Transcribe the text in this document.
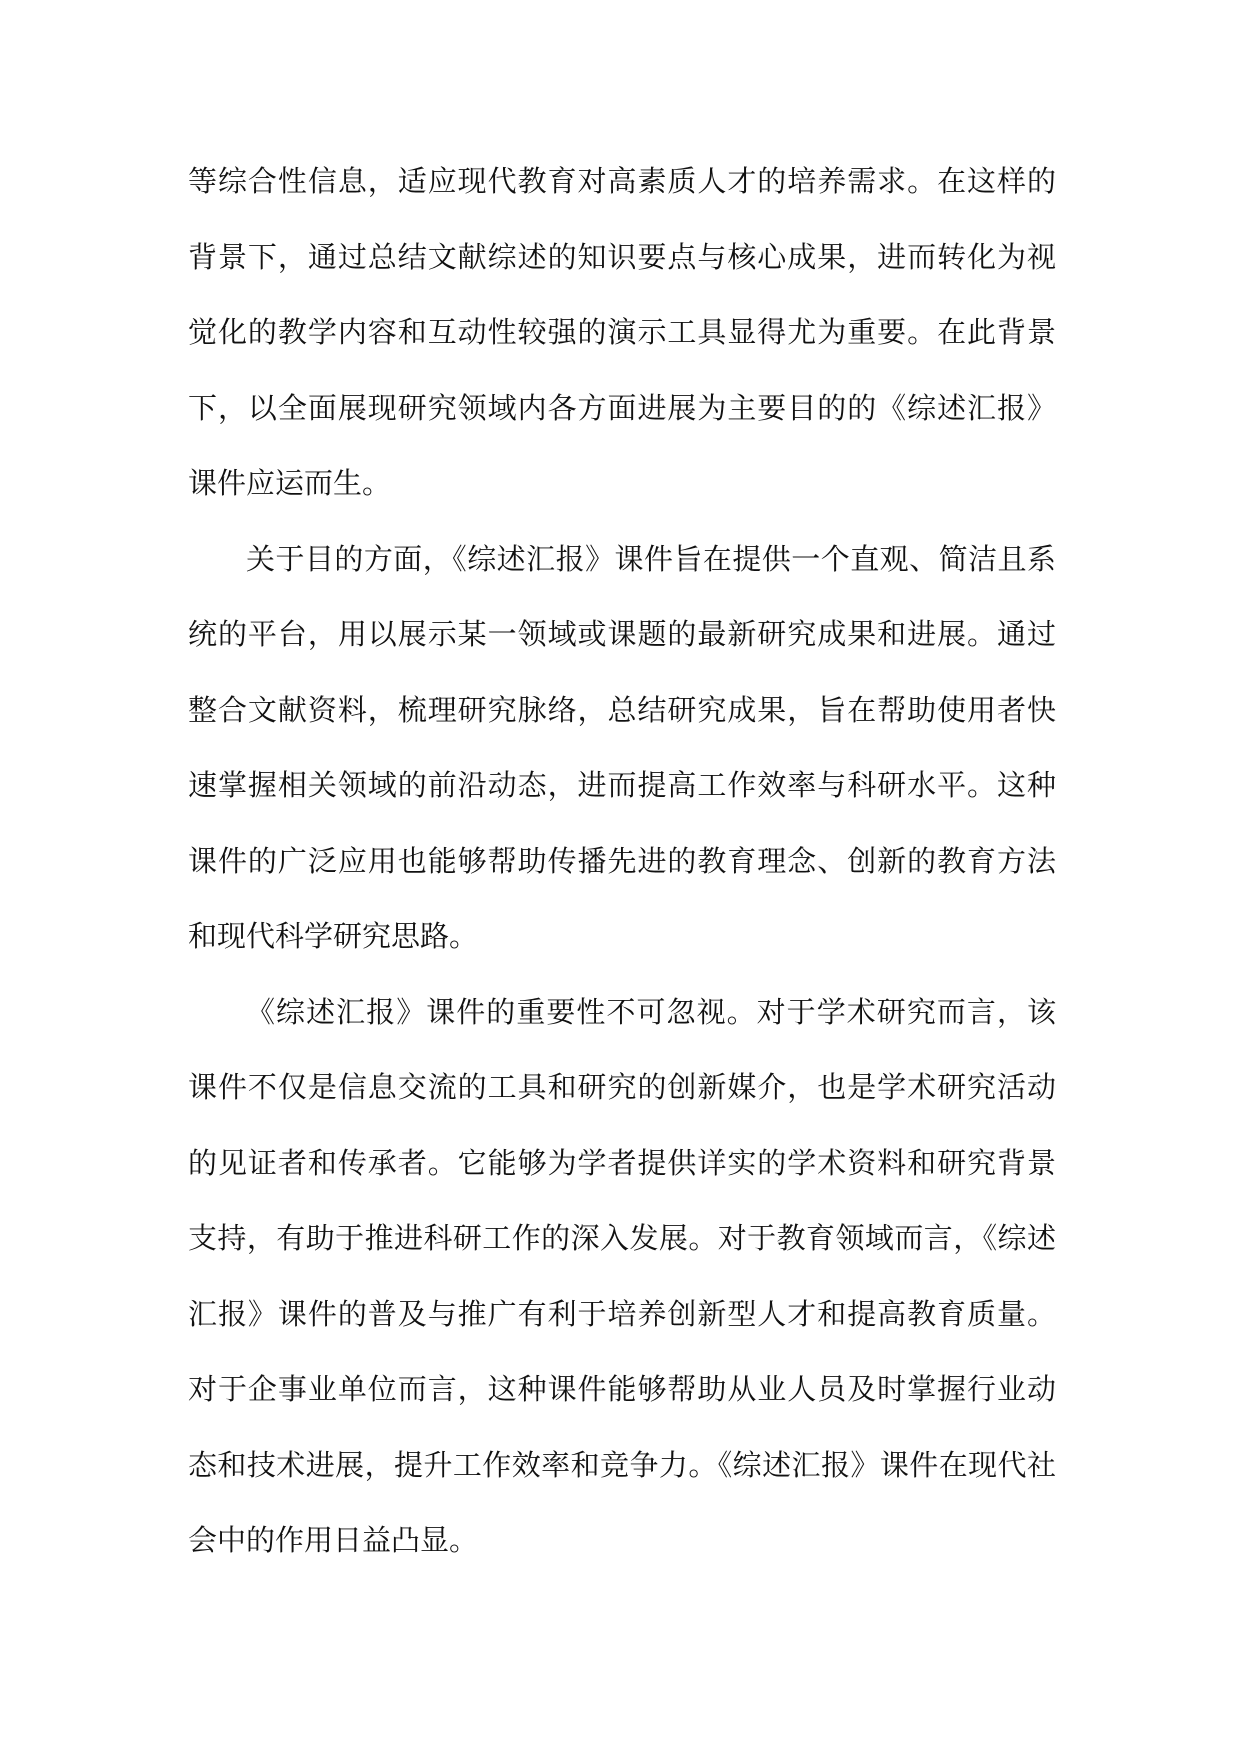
等综合性信息，适应现代教育对高素质人才的培养需求。在这样的背景下，通过总结文献综述的知识要点与核心成果，进而转化为视觉化的教学内容和互动性较强的演示工具显得尤为重要。在此背景下，以全面展现研究领域内各方面进展为主要目的的《综述汇报》课件应运而生。

关于目的方面，《综述汇报》课件旨在提供一个直观、简洁且系统的平台，用以展示某一领域或课题的最新研究成果和进展。通过整合文献资料，梳理研究脉络，总结研究成果，旨在帮助使用者快速掌握相关领域的前沿动态，进而提高工作效率与科研水平。这种课件的广泛应用也能够帮助传播先进的教育理念、创新的教育方法和现代科学研究思路。

《综述汇报》课件的重要性不可忽视。对于学术研究而言，该课件不仅是信息交流的工具和研究的创新媒介，也是学术研究活动的见证者和传承者。它能够为学者提供详实的学术资料和研究背景支持，有助于推进科研工作的深入发展。对于教育领域而言，《综述汇报》课件的普及与推广有利于培养创新型人才和提高教育质量。对于企事业单位而言，这种课件能够帮助从业人员及时掌握行业动态和技术进展，提升工作效率和竞争力。《综述汇报》课件在现代社会中的作用日益凸显。
